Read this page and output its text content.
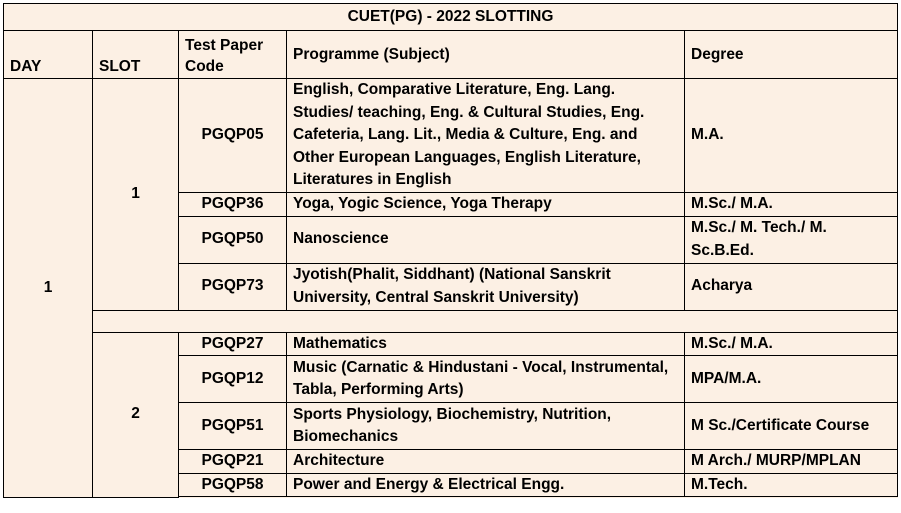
CUET(PG) - 2022 SLOTTING				
DAY	SLOT	Test Paper Code	Programme (Subject)	Degree
1	1	PGQP05	English, Comparative Literature, Eng. Lang. Studies/ teaching, Eng. & Cultural Studies, Eng. Cafeteria, Lang. Lit., Media & Culture, Eng. and Other European Languages, English Literature, Literatures in English	M.A.
		PGQP36	Yoga, Yogic Science, Yoga Therapy	M.Sc./ M.A.
		PGQP50	Nanoscience	M.Sc./ M. Tech./ M. Sc.B.Ed.
		PGQP73	Jyotish(Phalit, Siddhant) (National Sanskrit University, Central Sanskrit University)	Acharya

	2	PGQP27	Mathematics	M.Sc./ M.A.
		PGQP12	Music (Carnatic & Hindustani - Vocal, Instrumental, Tabla, Performing Arts)	MPA/M.A.
		PGQP51	Sports Physiology, Biochemistry, Nutrition, Biomechanics	M Sc./Certificate Course
		PGQP21	Architecture	M Arch./ MURP/MPLAN
		PGQP58	Power and Energy & Electrical Engg.	M.Tech.
